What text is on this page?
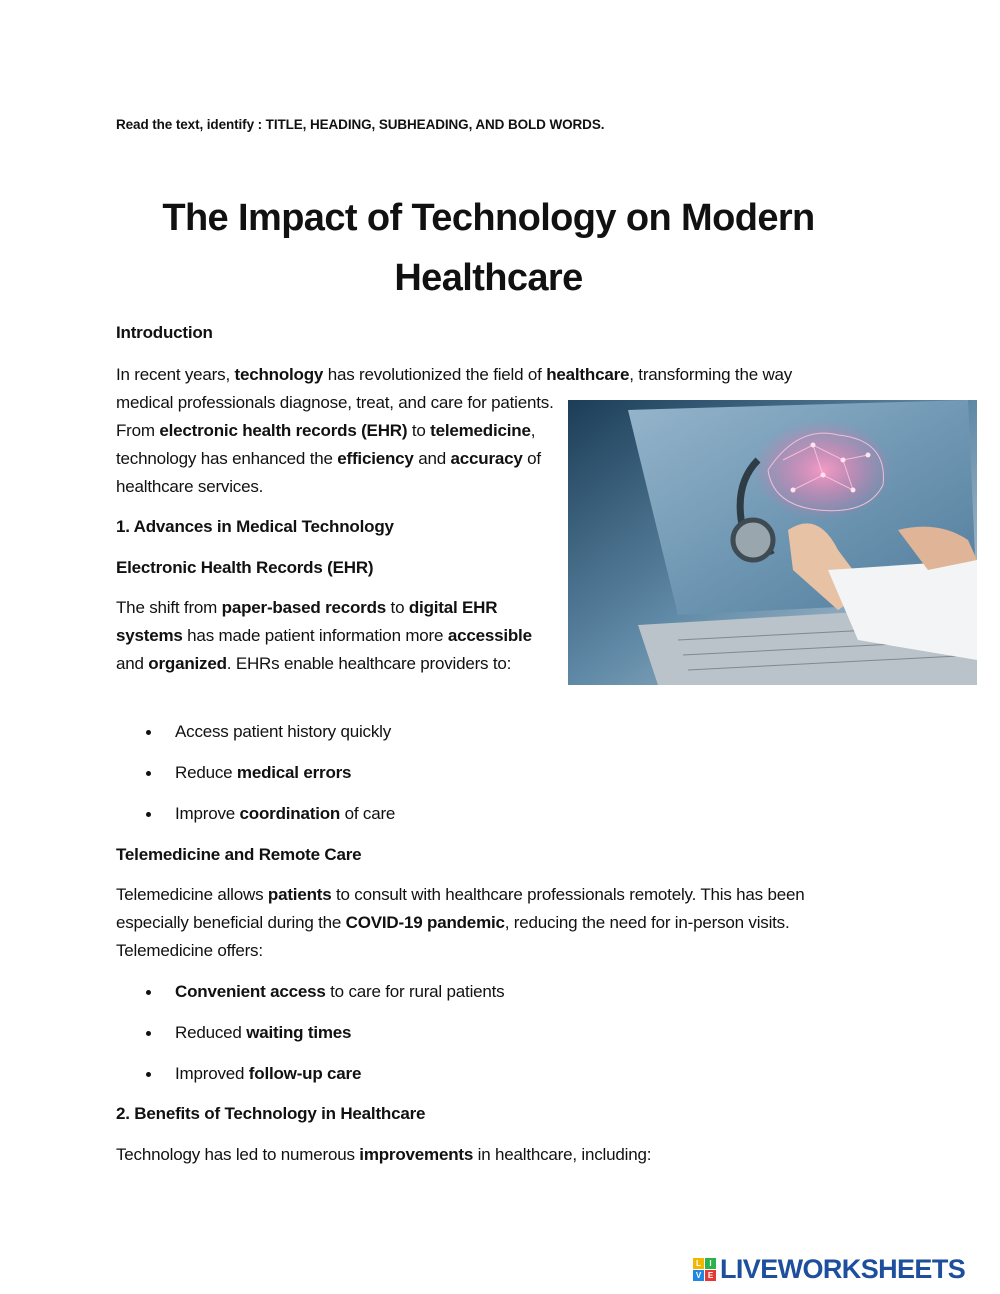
Read the text, identify : TITLE, HEADING, SUBHEADING, AND BOLD WORDS.
The Impact of Technology on Modern Healthcare
Introduction
In recent years, technology has revolutionized the field of healthcare, transforming the way
medical professionals diagnose, treat, and care for patients. From electronic health records (EHR) to telemedicine, technology has enhanced the efficiency and accuracy of healthcare services.
1. Advances in Medical Technology
Electronic Health Records (EHR)
The shift from paper-based records to digital EHR systems has made patient information more accessible and organized. EHRs enable healthcare providers to:
Access patient history quickly
Reduce medical errors
Improve coordination of care
Telemedicine and Remote Care
Telemedicine allows patients to consult with healthcare professionals remotely. This has been especially beneficial during the COVID-19 pandemic, reducing the need for in-person visits. Telemedicine offers:
Convenient access to care for rural patients
Reduced waiting times
Improved follow-up care
2. Benefits of Technology in Healthcare
Technology has led to numerous improvements in healthcare, including:
L	I
V E LIVEWORKSHEETS
